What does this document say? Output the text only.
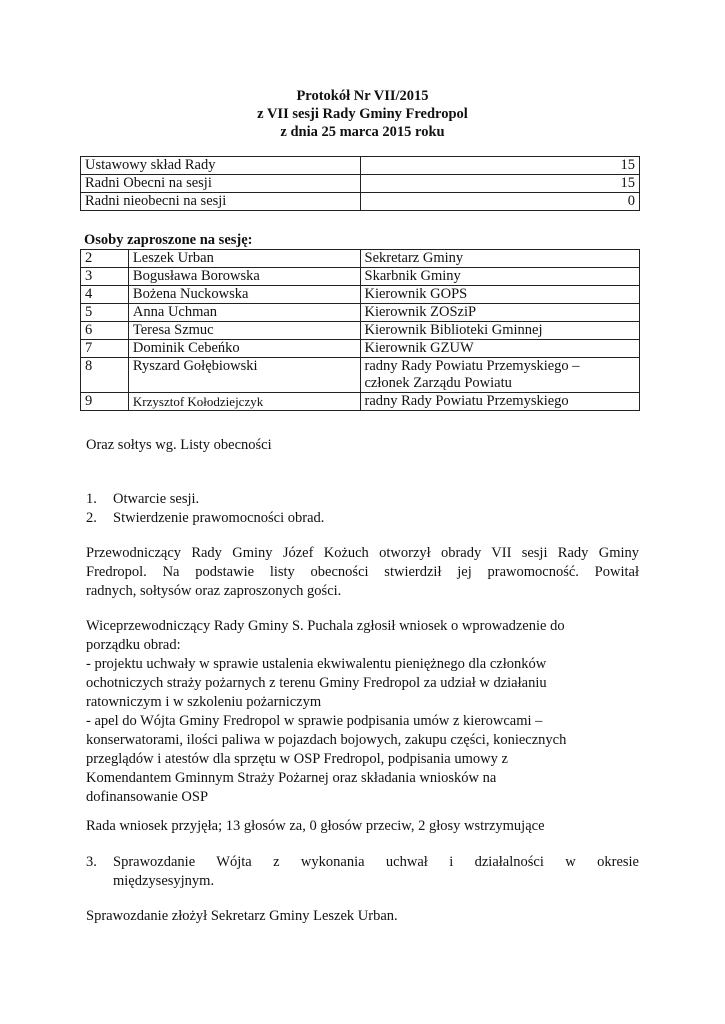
Protokół Nr VII/2015
z VII sesji Rady Gminy Fredropol
z dnia 25 marca 2015 roku
Ustawowy skład Rady	15
Radni Obecni na sesji	15
Radni nieobecni na sesji	0
Osoby zaproszone na sesję:
2	Leszek Urban	Sekretarz Gminy
3	Bogusława Borowska	Skarbnik Gminy
4	Bożena Nuckowska	Kierownik GOPS
5	Anna Uchman	Kierownik ZOSziP
6	Teresa Szmuc	Kierownik Biblioteki Gminnej
7	Dominik Cebeńko	Kierownik GZUW
8	Ryszard Gołębiowski	radny Rady Powiatu Przemyskiego –
członek Zarządu Powiatu

9	Krzysztof Kołodziejczyk	radny Rady Powiatu Przemyskiego
Oraz sołtys wg. Listy obecności
1. Otwarcie sesji.
2. Stwierdzenie prawomocności obrad.
Przewodniczący Rady Gminy Józef Kożuch otworzył obrady VII sesji Rady Gminy
Fredropol. Na podstawie listy obecności stwierdził jej prawomocność. Powitał
radnych, sołtysów oraz zaproszonych gości.
Wiceprzewodniczący Rady Gminy S. Puchala zgłosił wniosek o wprowadzenie do
porządku obrad:
- projektu uchwały w sprawie ustalenia ekwiwalentu pieniężnego dla członków
ochotniczych straży pożarnych z terenu Gminy Fredropol za udział w działaniu
ratowniczym i w szkoleniu pożarniczym
- apel do Wójta Gminy Fredropol w sprawie podpisania umów z kierowcami –
konserwatorami, ilości paliwa w pojazdach bojowych, zakupu części, koniecznych
przeglądów i atestów dla sprzętu w OSP Fredropol, podpisania umowy z
Komendantem Gminnym Straży Pożarnej oraz składania wniosków na
dofinansowanie OSP
Rada wniosek przyjęła; 13 głosów za, 0 głosów przeciw, 2 głosy wstrzymujące
3. Sprawozdanie Wójta z wykonania uchwał i działalności w okresie
międzysesyjnym.
Sprawozdanie złożył Sekretarz Gminy Leszek Urban.
